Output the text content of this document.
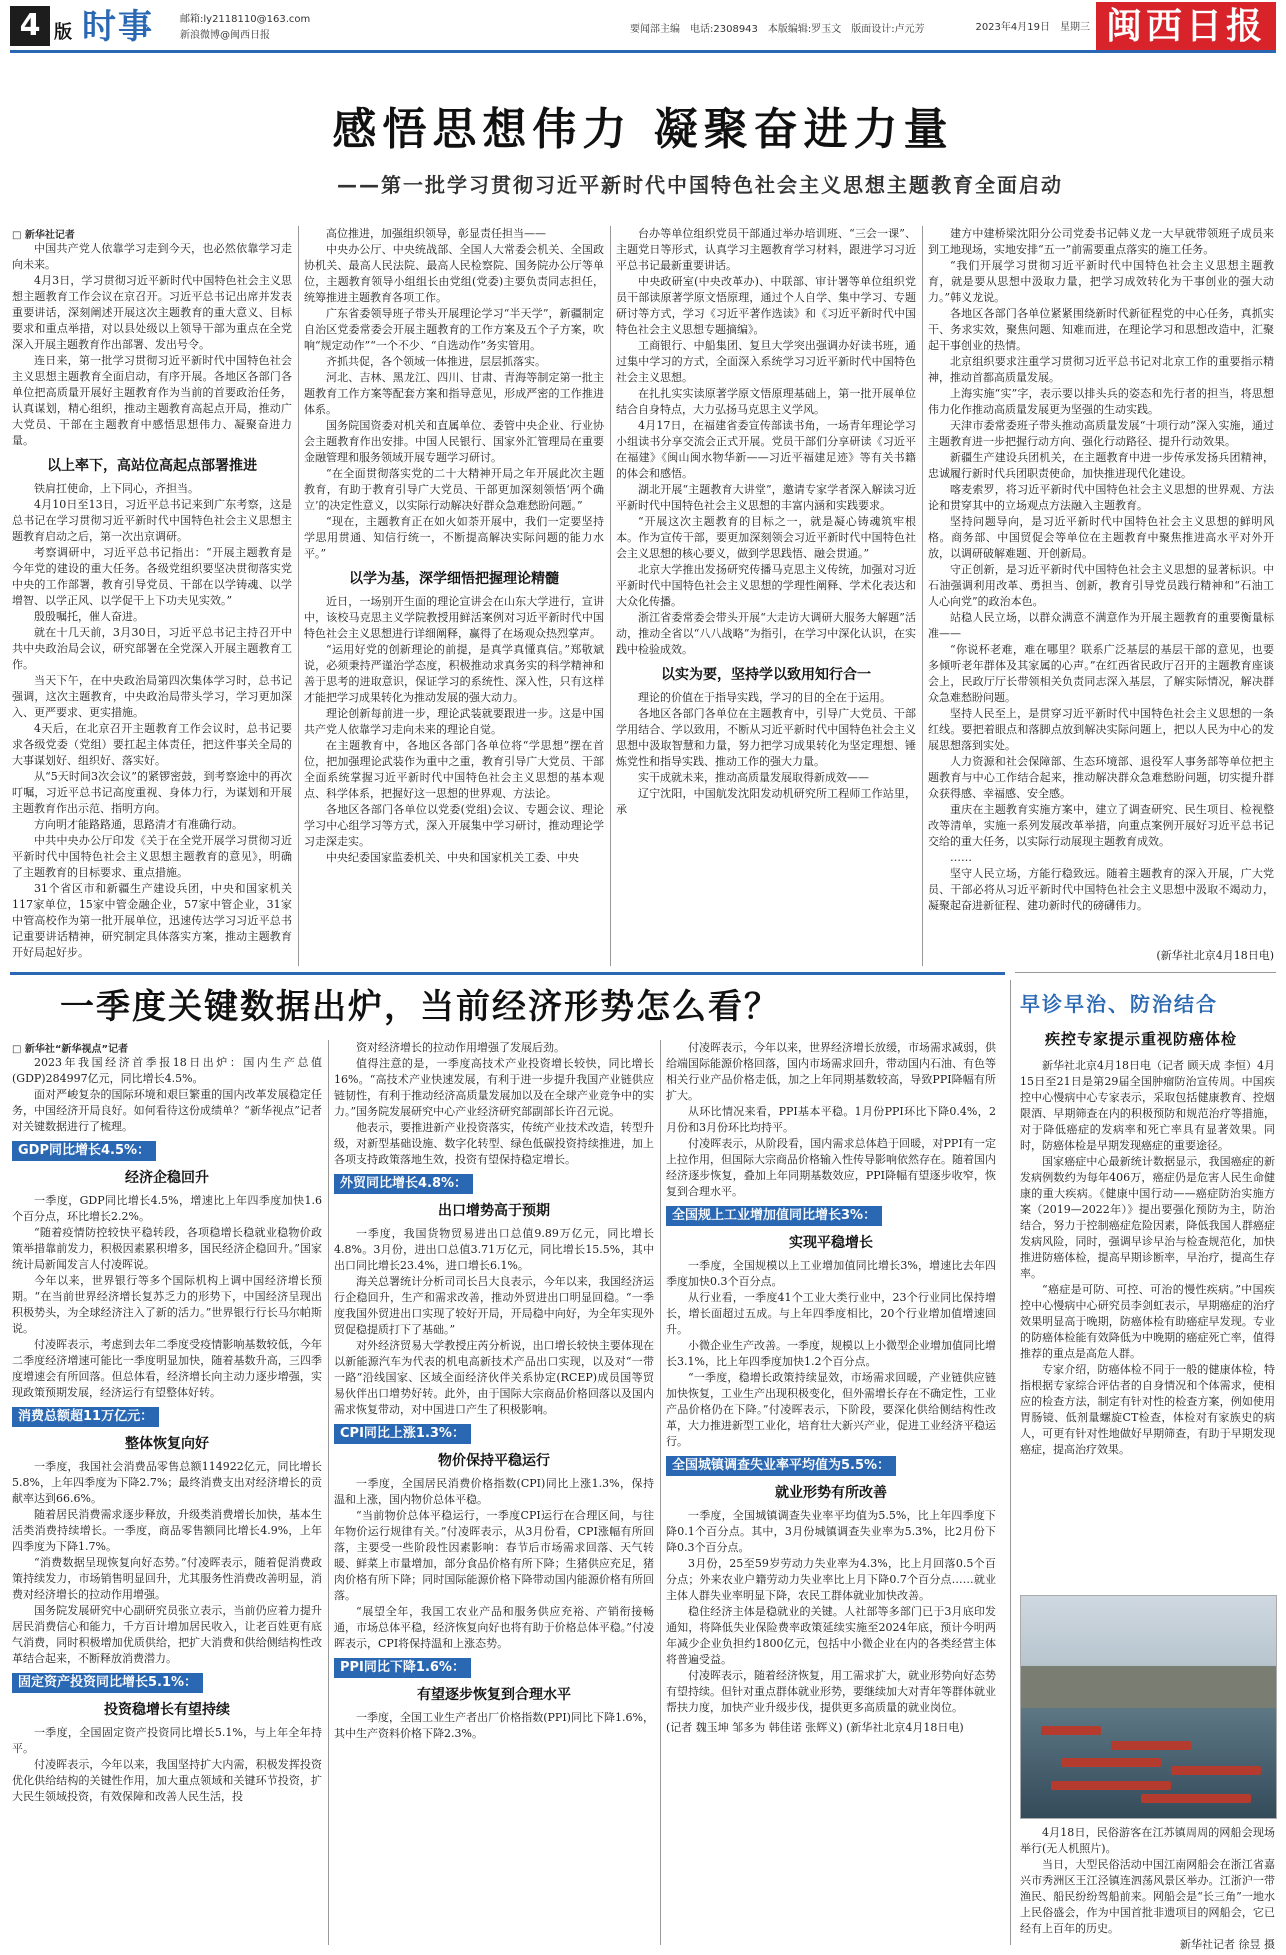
4 版 时事	邮箱:ly2118110@163.com
新浪微博@闽西日报
要闻部主编　电话:2308943　本版编辑:罗玉文　版面设计:卢元芳	2023年4月19日　星期三 闽西日报
感悟思想伟力 凝聚奋进力量
——第一批学习贯彻习近平新时代中国特色社会主义思想主题教育全面启动

□ 新华社记者

中国共产党人依靠学习走到今天，也必然依靠学习走向未来。

4月3日，学习贯彻习近平新时代中国特色社会主义思想主题教育工作会议在京召开。习近平总书记出席并发表重要讲话，深刻阐述开展这次主题教育的重大意义、目标要求和重点举措，对以县处级以上领导干部为重点在全党深入开展主题教育作出部署、发出号令。

连日来，第一批学习贯彻习近平新时代中国特色社会主义思想主题教育全面启动，有序开展。各地区各部门各单位把高质量开展好主题教育作为当前的首要政治任务，认真谋划，精心组织，推动主题教育高起点开局，推动广大党员、干部在主题教育中感悟思想伟力、凝聚奋进力量。

以上率下，高站位高起点部署推进

铁肩扛使命，上下同心，齐担当。

4月10日至13日，习近平总书记来到广东考察，这是总书记在学习贯彻习近平新时代中国特色社会主义思想主题教育启动之后，第一次出京调研。

考察调研中，习近平总书记指出：“开展主题教育是今年党的建设的重大任务。各级党组织要坚决贯彻落实党中央的工作部署，教育引导党员、干部在以学铸魂、以学增智、以学正风、以学促干上下功夫见实效。”

殷殷嘱托，催人奋进。

就在十几天前，3月30日，习近平总书记主持召开中共中央政治局会议，研究部署在全党深入开展主题教育工作。

当天下午，在中央政治局第四次集体学习时，总书记强调，这次主题教育，中央政治局带头学习，学习更加深入、更严要求、更实措施。

4天后，在北京召开主题教育工作会议时，总书记要求各级党委（党组）要扛起主体责任，把这件事关全局的大事谋划好、组织好、落实好。

从“5天时间3次会议”的紧锣密鼓，到考察途中的再次叮嘱，习近平总书记高度重视、身体力行，为谋划和开展主题教育作出示范、指明方向。

方向明才能路路通，思路清才有准确行动。

中共中央办公厅印发《关于在全党开展学习贯彻习近平新时代中国特色社会主义思想主题教育的意见》，明确了主题教育的目标要求、重点措施。

31个省区市和新疆生产建设兵团，中央和国家机关117家单位，15家中管金融企业，57家中管企业，31家中管高校作为第一批开展单位，迅速传达学习习近平总书记重要讲话精神，研究制定具体落实方案，推动主题教育开好局起好步。

高位推进，加强组织领导，彰显责任担当——

中央办公厅、中央统战部、全国人大常委会机关、全国政协机关、最高人民法院、最高人民检察院、国务院办公厅等单位，主题教育领导小组组长由党组(党委)主要负责同志担任，统筹推进主题教育各项工作。

广东省委领导班子带头开展理论学习“半天学”，新疆制定自治区党委常委会开展主题教育的工作方案及五个子方案，吹响“规定动作”“一个不少、“自选动作”务实管用。

齐抓共促，各个领域一体推进，层层抓落实。

河北、吉林、黑龙江、四川、甘肃、青海等制定第一批主题教育工作方案等配套方案和指导意见，形成严密的工作推进体系。

国务院国资委对机关和直属单位、委管中央企业、行业协会主题教育作出安排。中国人民银行、国家外汇管理局在重要金融管理和服务领域开展专题学习研讨。

“在全面贯彻落实党的二十大精神开局之年开展此次主题教育，有助于教育引导广大党员、干部更加深刻领悟‘两个确立’的决定性意义，以实际行动解决好群众急难愁盼问题。”

“现在，主题教育正在如火如荼开展中，我们一定要坚持学思用贯通、知信行统一，不断提高解决实际问题的能力水平。”

以学为基，深学细悟把握理论精髓

近日，一场别开生面的理论宣讲会在山东大学进行，宣讲中，该校马克思主义学院教授用鲜活案例对习近平新时代中国特色社会主义思想进行详细阐释，赢得了在场观众热烈掌声。

“运用好党的创新理论的前提，是真学真懂真信。”郑敬斌说，必须秉持严谨治学态度，积极推动求真务实的科学精神和善于思考的进取意识，保证学习的系统性、深入性，只有这样才能把学习成果转化为推动发展的强大动力。

理论创新每前进一步，理论武装就要跟进一步。这是中国共产党人依靠学习走向未来的理论自觉。

在主题教育中，各地区各部门各单位将“学思想”摆在首位，把加强理论武装作为重中之重，教育引导广大党员、干部全面系统掌握习近平新时代中国特色社会主义思想的基本观点、科学体系，把握好这一思想的世界观、方法论。

各地区各部门各单位以党委(党组)会议、专题会议、理论学习中心组学习等方式，深入开展集中学习研讨，推动理论学习走深走实。

中央纪委国家监委机关、中央和国家机关工委、中央

台办等单位组织党员干部通过举办培训班、“三会一课”、主题党日等形式，认真学习主题教育学习材料，跟进学习习近平总书记最新重要讲话。

中央政研室(中央改革办)、中联部、审计署等单位组织党员干部读原著学原文悟原理，通过个人自学、集中学习、专题研讨等方式，学习《习近平著作选读》和《习近平新时代中国特色社会主义思想专题摘编》。

工商银行、中船集团、复旦大学突出强调办好读书班，通过集中学习的方式，全面深入系统学习习近平新时代中国特色社会主义思想。

在扎扎实实读原著学原文悟原理基础上，第一批开展单位结合自身特点，大力弘扬马克思主义学风。

4月17日，在福建省委宣传部读书角，一场青年理论学习小组读书分享交流会正式开展。党员干部们分享研读《习近平在福建》《闽山闽水物华新——习近平福建足迹》等有关书籍的体会和感悟。

湖北开展“主题教育大讲堂”，邀请专家学者深入解读习近平新时代中国特色社会主义思想的丰富内涵和实践要求。

“开展这次主题教育的目标之一，就是凝心铸魂筑牢根本。作为宣传干部，要更加深刻领会习近平新时代中国特色社会主义思想的核心要义，做到学思践悟、融会贯通。”

北京大学推出发扬研究传播马克思主义传统，加强对习近平新时代中国特色社会主义思想的学理性阐释、学术化表达和大众化传播。

浙江省委常委会带头开展“大走访大调研大服务大解题”活动，推动全省以“八八战略”为指引，在学习中深化认识，在实践中检验成效。

以实为要，坚持学以致用知行合一

理论的价值在于指导实践，学习的目的全在于运用。

各地区各部门各单位在主题教育中，引导广大党员、干部学用结合、学以致用，不断从习近平新时代中国特色社会主义思想中汲取智慧和力量，努力把学习成果转化为坚定理想、锤炼党性和指导实践、推动工作的强大力量。

实干成就未来，推动高质量发展取得新成效——

辽宁沈阳，中国航发沈阳发动机研究所工程师工作站里，承

建方中建桥梁沈阳分公司党委书记韩义龙一大早就带领班子成员来到工地现场，实地安排“五一”前需要重点落实的施工任务。

“我们开展学习贯彻习近平新时代中国特色社会主义思想主题教育，就是要从思想中汲取力量，把学习成效转化为干事创业的强大动力。”韩义龙说。

各地区各部门各单位紧紧围绕新时代新征程党的中心任务，真抓实干、务求实效，聚焦问题、知难而进，在理论学习和思想改造中，汇聚起干事创业的热情。

北京组织要求注重学习贯彻习近平总书记对北京工作的重要指示精神，推动首都高质量发展。

上海实施“实”字，表示要以排头兵的姿态和先行者的担当，将思想伟力化作推动高质量发展更为坚强的生动实践。

天津市委常委班子带头推动高质量发展“十项行动”深入实施，通过主题教育进一步把握行动方向、强化行动路径、提升行动效果。

新疆生产建设兵团机关，在主题教育中进一步传承发扬兵团精神，忠诚履行新时代兵团职责使命，加快推进现代化建设。

喀麦索罗，将习近平新时代中国特色社会主义思想的世界观、方法论和贯穿其中的立场观点方法融入主题教育。

坚持问题导向，是习近平新时代中国特色社会主义思想的鲜明风格。商务部、中国贸促会等单位在主题教育中聚焦推进高水平对外开放，以调研破解难题、开创新局。

守正创新，是习近平新时代中国特色社会主义思想的显著标识。中石油强调利用改革、勇担当、创新，教育引导党员践行精神和“石油工人心向党”的政治本色。

站稳人民立场，以群众满意不满意作为开展主题教育的重要衡量标准——

“你说杯老难，难在哪里？联系广泛基层的基层干部的意见，也要多倾听老年群体及其家属的心声。”在红西省民政厅召开的主题教育座谈会上，民政厅厅长带领相关负责同志深入基层，了解实际情况，解决群众急难愁盼问题。

坚持人民至上，是贯穿习近平新时代中国特色社会主义思想的一条红线。要把着眼点和落脚点放到解决实际问题上，把以人民为中心的发展思想落到实处。

人力资源和社会保障部、生态环境部、退役军人事务部等单位把主题教育与中心工作结合起来，推动解决群众急难愁盼问题，切实提升群众获得感、幸福感、安全感。

重庆在主题教育实施方案中，建立了调查研究、民生项目、检视整改等清单，实施一系列发展改革举措，向重点案例开展好习近平总书记交给的重大任务，以实际行动展现主题教育成效。

……

坚守人民立场，方能行稳致远。随着主题教育的深入开展，广大党员、干部必将从习近平新时代中国特色社会主义思想中汲取不竭动力，凝聚起奋进新征程、建功新时代的磅礴伟力。

(新华社北京4月18日电)
一季度关键数据出炉，当前经济形势怎么看？

□ 新华社“新华视点”记者

2023年我国经济首季报18日出炉：国内生产总值(GDP)284997亿元，同比增长4.5%。

面对严峻复杂的国际环境和艰巨繁重的国内改革发展稳定任务，中国经济开局良好。如何看待这份成绩单？“新华视点”记者对关键数据进行了梳理。

GDP同比增长4.5%：
经济企稳回升

一季度，GDP同比增长4.5%，增速比上年四季度加快1.6个百分点，环比增长2.2%。

“随着疫情防控较快平稳转段，各项稳增长稳就业稳物价政策举措靠前发力，积极因素累积增多，国民经济企稳回升。”国家统计局新闻发言人付凌晖说。

今年以来，世界银行等多个国际机构上调中国经济增长预期。“在当前世界经济增长复苏乏力的形势下，中国经济呈现出积极势头，为全球经济注入了新的活力。”世界银行行长马尔帕斯说。

付凌晖表示，考虑到去年二季度受疫情影响基数较低，今年二季度经济增速可能比一季度明显加快，随着基数升高，三四季度增速会有所回落。但总体看，经济增长向主动力逐步增强，实现政策预期发展，经济运行有望整体好转。

消费总额超11万亿元：
整体恢复向好

一季度，我国社会消费品零售总额114922亿元，同比增长5.8%，上年四季度为下降2.7%；最终消费支出对经济增长的贡献率达到66.6%。

随着居民消费需求逐步释放，升级类消费增长加快，基本生活类消费持续增长。一季度，商品零售额同比增长4.9%，上年四季度为下降1.7%。

“消费数据呈现恢复向好态势。”付凌晖表示，随着促消费政策持续发力，市场销售明显回升，尤其服务性消费改善明显，消费对经济增长的拉动作用增强。

国务院发展研究中心副研究员张立表示，当前仍应着力提升居民消费信心和能力，千方百计增加居民收入，让老百姓更有底气消费，同时积极增加优质供给，把扩大消费和供给侧结构性改革结合起来，不断释放消费潜力。

固定资产投资同比增长5.1%：
投资稳增长有望持续

一季度，全国固定资产投资同比增长5.1%，与上年全年持平。

付凌晖表示，今年以来，我国坚持扩大内需，积极发挥投资优化供给结构的关键性作用，加大重点领域和关键环节投资，扩大民生领域投资，有效保障和改善人民生活，投

资对经济增长的拉动作用增强了发展后劲。

值得注意的是，一季度高技术产业投资增长较快，同比增长16%。“高技术产业快速发展，有利于进一步提升我国产业链供应链韧性，有利于推动经济高质量发展加以及在全球产业竞争中的实力。”国务院发展研究中心产业经济研究部副部长许召元说。

他表示，要推进新产业投资落实，传统产业技术改造，转型升级，对新型基础设施、数字化转型、绿色低碳投资持续推进，加上各项支持政策落地生效，投资有望保持稳定增长。

外贸同比增长4.8%：
出口增势高于预期

一季度，我国货物贸易进出口总值9.89万亿元，同比增长4.8%。3月份，进出口总值3.71万亿元，同比增长15.5%，其中出口同比增长23.4%，进口增长6.1%。

海关总署统计分析司司长吕大良表示，今年以来，我国经济运行企稳回升，生产和需求改善，推动外贸进出口明显回稳。“一季度我国外贸进出口实现了较好开局，开局稳中向好，为全年实现外贸促稳提质打下了基础。”

对外经济贸易大学教授庄芮分析说，出口增长较快主要体现在以新能源汽车为代表的机电高新技术产品出口实现，以及对“一带一路”沿线国家、区域全面经济伙伴关系协定(RCEP)成员国等贸易伙伴出口增势好转。此外，由于国际大宗商品价格回落以及国内需求恢复带动，对中国进口产生了积极影响。

CPI同比上涨1.3%：
物价保持平稳运行

一季度，全国居民消费价格指数(CPI)同比上涨1.3%，保持温和上涨，国内物价总体平稳。

“当前物价总体平稳运行，一季度CPI运行在合理区间，与往年物价运行规律有关。”付凌晖表示，从3月份看，CPI涨幅有所回落，主要受一些阶段性因素影响：春节后市场需求回落、天气转暖、鲜菜上市量增加，部分食品价格有所下降；生猪供应充足，猪肉价格有所下降；同时国际能源价格下降带动国内能源价格有所回落。

“展望全年，我国工农业产品和服务供应充裕、产销衔接畅通，市场总体平稳，经济恢复向好也将有助于价格总体平稳。”付凌晖表示，CPI将保持温和上涨态势。

PPI同比下降1.6%：
有望逐步恢复到合理水平

一季度，全国工业生产者出厂价格指数(PPI)同比下降1.6%，其中生产资料价格下降2.3%。

付凌晖表示，今年以来，世界经济增长放缓，市场需求减弱，供给端国际能源价格回落，国内市场需求回升，带动国内石油、有色等相关行业产品价格走低，加之上年同期基数较高，导致PPI降幅有所扩大。

从环比情况来看，PPI基本平稳。1月份PPI环比下降0.4%，2月份和3月份环比均持平。

付凌晖表示，从阶段看，国内需求总体趋于回暖，对PPI有一定上拉作用，但国际大宗商品价格输入性传导影响依然存在。随着国内经济逐步恢复，叠加上年同期基数效应，PPI降幅有望逐步收窄，恢复到合理水平。

全国规上工业增加值同比增长3%：
实现平稳增长

一季度，全国规模以上工业增加值同比增长3%，增速比去年四季度加快0.3个百分点。

从行业看，一季度41个工业大类行业中，23个行业同比保持增长，增长面超过五成。与上年四季度相比，20个行业增加值增速回升。

小微企业生产改善。一季度，规模以上小微型企业增加值同比增长3.1%，比上年四季度加快1.2个百分点。

“一季度，稳增长政策持续显效，市场需求回暖，产业链供应链加快恢复，工业生产出现积极变化，但外需增长存在不确定性，工业产品价格仍在下降。”付凌晖表示，下阶段，要深化供给侧结构性改革，大力推进新型工业化，培育壮大新兴产业，促进工业经济平稳运行。

全国城镇调查失业率平均值为5.5%：
就业形势有所改善

一季度，全国城镇调查失业率平均值为5.5%，比上年四季度下降0.1个百分点。其中，3月份城镇调查失业率为5.3%，比2月份下降0.3个百分点。

3月份，25至59岁劳动力失业率为4.3%，比上月回落0.5个百分点；外来农业户籍劳动力失业率比上月下降0.7个百分点……就业主体人群失业率明显下降，农民工群体就业加快改善。

稳住经济主体是稳就业的关键。人社部等多部门已于3月底印发通知，将降低失业保险费率政策延续实施至2024年底，预计今明两年减少企业负担约1800亿元，包括中小微企业在内的各类经营主体将普遍受益。

付凌晖表示，随着经济恢复，用工需求扩大，就业形势向好态势有望持续。但针对重点群体就业形势，要继续加大对青年等群体就业帮扶力度，加快产业升级步伐，提供更多高质量的就业岗位。

(记者 魏玉坤 邹多为 韩佳诺 张辉义) (新华社北京4月18日电)

早诊早治、防治结合
疾控专家提示重视防癌体检

新华社北京4月18日电（记者 顾天成 李恒）4月15日至21日是第29届全国肿瘤防治宣传周。中国疾控中心慢病中心专家表示，采取包括健康教育、控烟限酒、早期筛查在内的积极预防和规范治疗等措施，对于降低癌症的发病率和死亡率具有显著效果。同时，防癌体检是早期发现癌症的重要途径。

国家癌症中心最新统计数据显示，我国癌症的新发病例数约为每年406万，癌症仍是危害人民生命健康的重大疾病。《健康中国行动——癌症防治实施方案（2019—2022年）》提出要强化预防为主，防治结合，努力于控制癌症危险因素，降低我国人群癌症发病风险，同时，强调早诊早治与检查规范化，加快推进防癌体检，提高早期诊断率，早治疗，提高生存率。

“癌症是可防、可控、可治的慢性疾病。”中国疾控中心慢病中心研究员李剑虹表示，早期癌症的治疗效果明显高于晚期，防癌体检有助癌症早发现。专业的防癌体检能有效降低为中晚期的癌症死亡率，值得推荐的重点是高危人群。

专家介绍，防癌体检不同于一般的健康体检，特指根据专家综合评估者的自身情况和个体需求，使相应的检查方法，制定有针对性的检查方案，例如使用胃肠镜、低剂量螺旋CT检查，体检对有家族史的病人，可更有针对性地做好早期筛查，有助于早期发现癌症，提高治疗效果。

4月18日，民俗游客在江苏镇周周的网船会现场举行(无人机照片)。

当日，大型民俗活动中国江南网船会在浙江省嘉兴市秀洲区王江泾镇连泗荡风景区举办。江浙沪一带渔民、船民纷纷驾船前来。网船会是“长三角”一地水上民俗盛会，作为中国首批非遗项目的网船会，它已经有上百年的历史。

新华社记者 徐昱 摄
